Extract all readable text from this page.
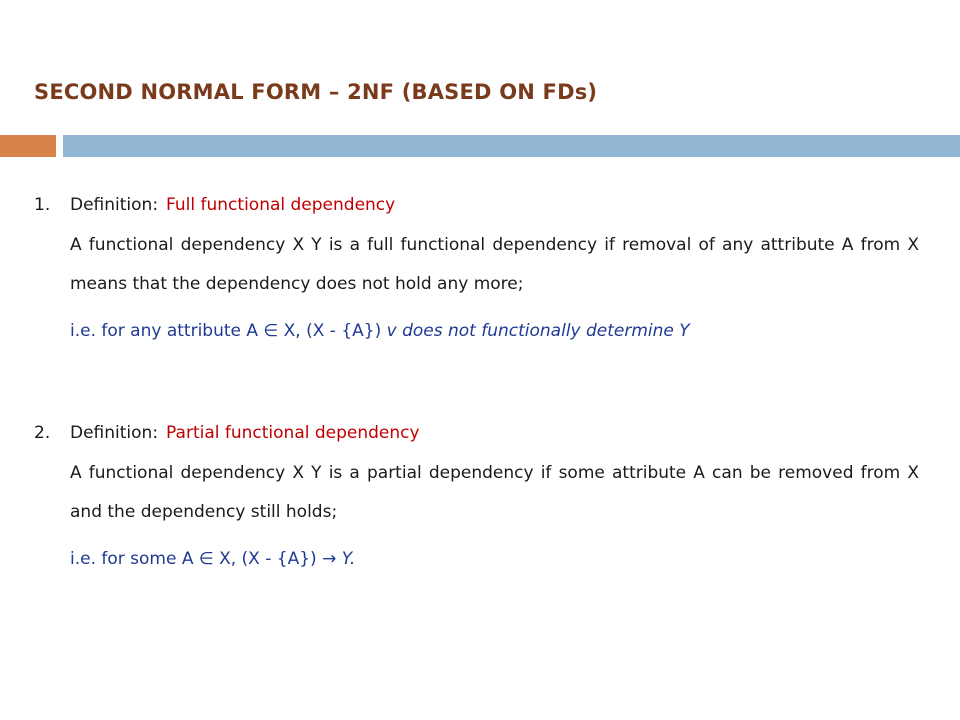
SECOND NORMAL FORM – 2NF (BASED ON FDs)
1.	Definition: Full functional dependency
A functional dependency X Y is a full functional dependency if removal of any attribute A from X means that the dependency does not hold any more;
i.e. for any attribute A ∈ X, (X - {A}) v does not functionally determine Y
2.	Definition: Partial functional dependency
A functional dependency X Y is a partial dependency if some attribute A can be removed from X and the dependency still holds;
i.e. for some A ∈ X, (X - {A}) → Y.
